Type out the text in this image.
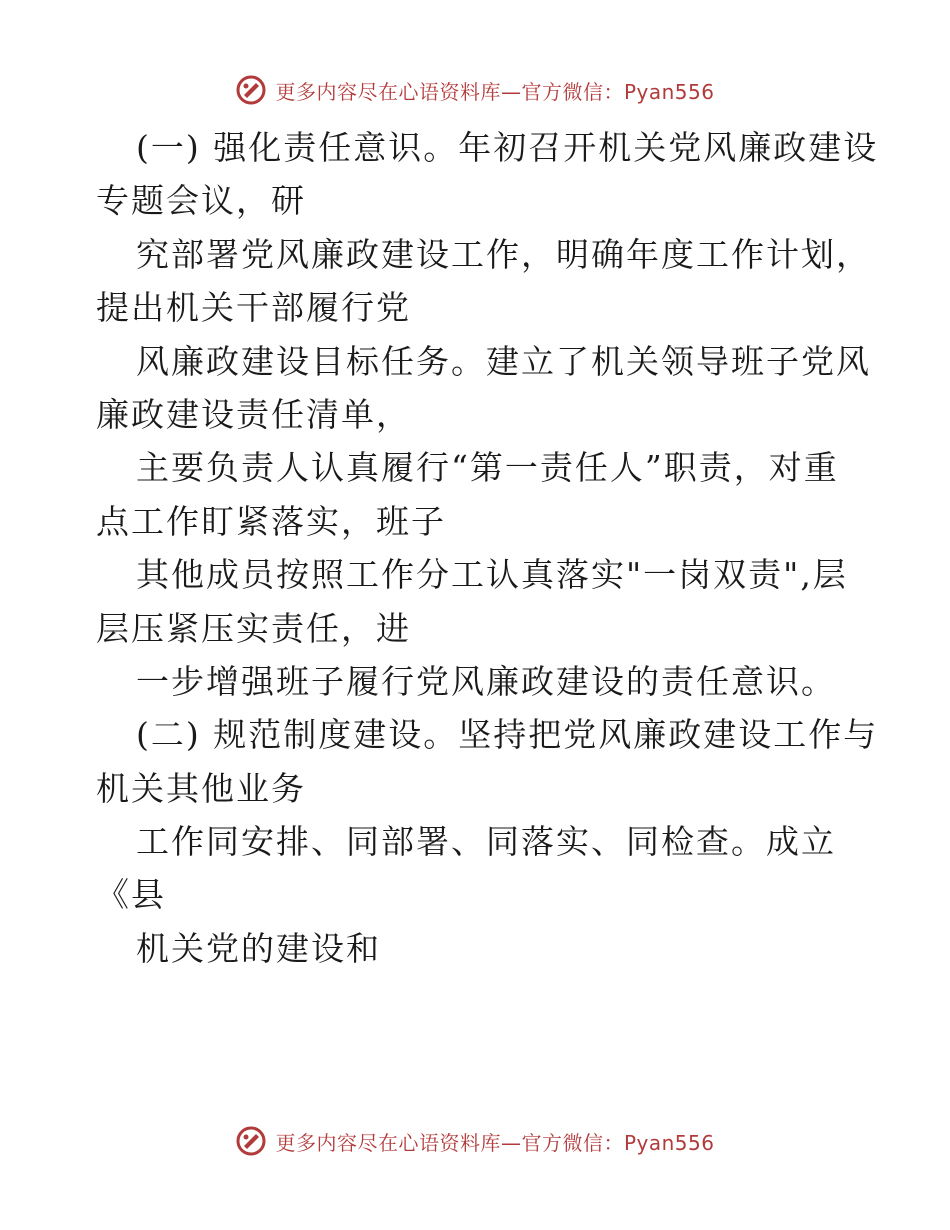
更多内容尽在心语资料库—官方微信：Pyan556
(一) 强化责任意识。年初召开机关党风廉政建设
专题会议，研
究部署党风廉政建设工作，明确年度工作计划，
提出机关干部履行党
风廉政建设目标任务。建立了机关领导班子党风
廉政建设责任清单，
主要负责人认真履行“第一责任人”职责，对重
点工作盯紧落实，班子
其他成员按照工作分工认真落实"一岗双责",层
层压紧压实责任，进
一步增强班子履行党风廉政建设的责任意识。
(二) 规范制度建设。坚持把党风廉政建设工作与
机关其他业务
工作同安排、同部署、同落实、同检查。成立
《县
机关党的建设和
更多内容尽在心语资料库—官方微信：Pyan556
